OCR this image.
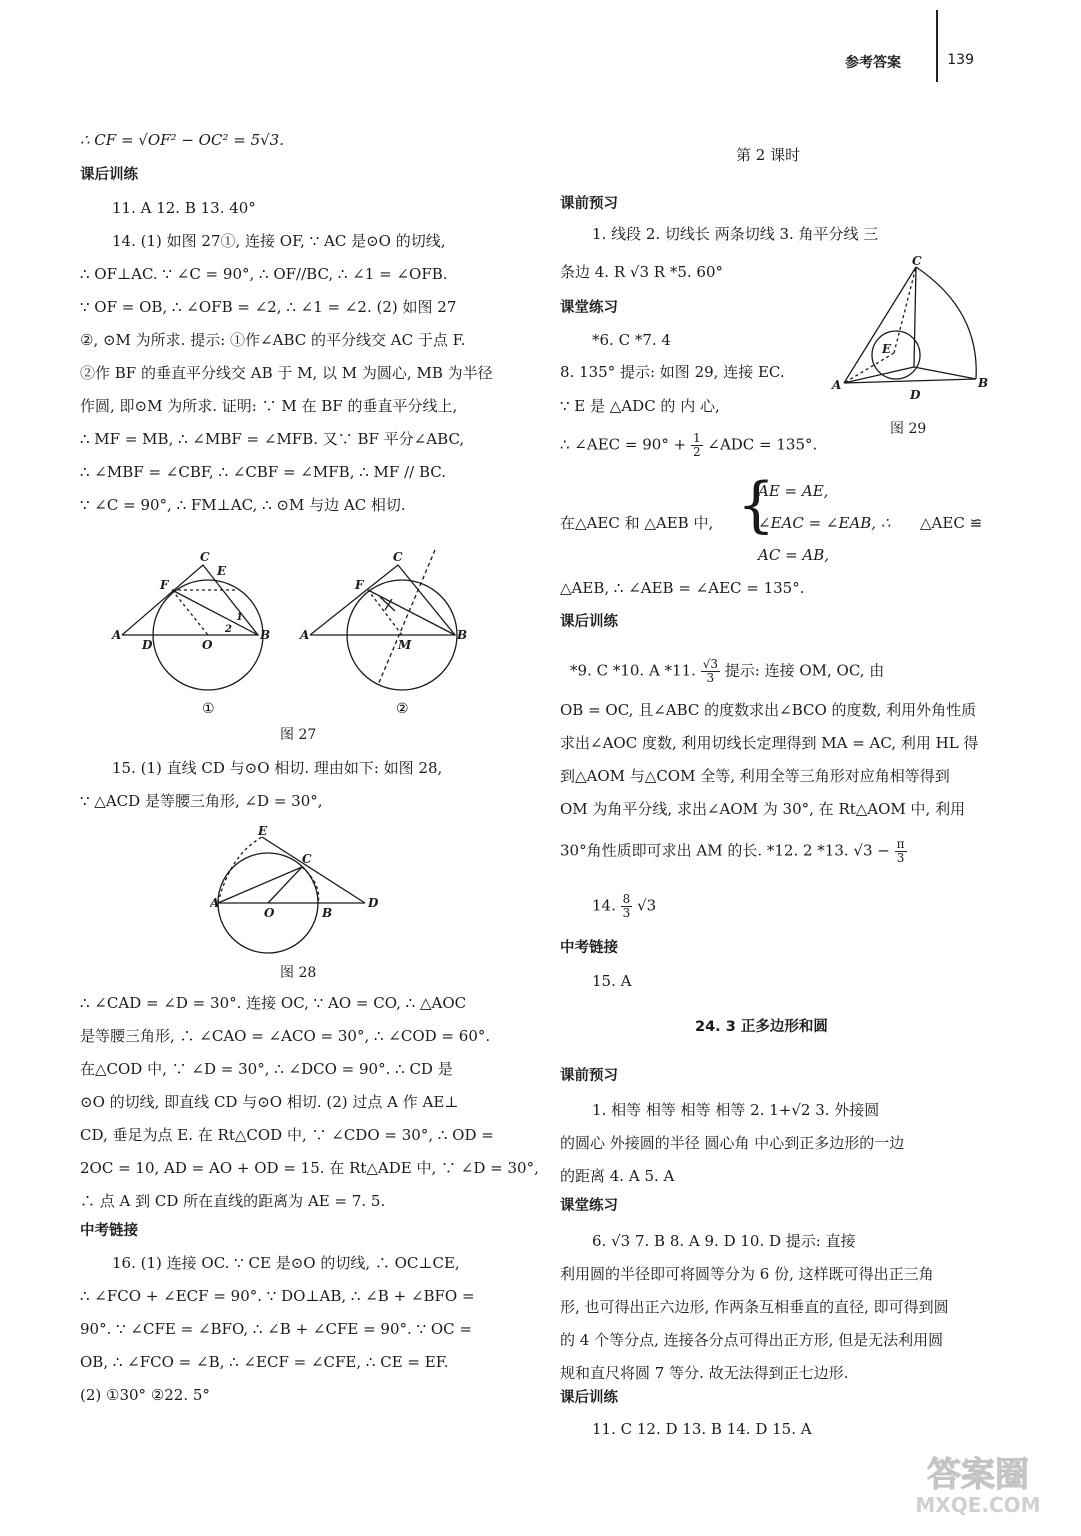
参考答案	139
∴ CF = √OF² − OC² = 5√3.
课后训练
11. A 12. B 13. 40°
14. (1) 如图 27①, 连接 OF, ∵ AC 是⊙O 的切线,
∴ OF⊥AC. ∵ ∠C = 90°, ∴ OF//BC, ∴ ∠1 = ∠OFB.
∵ OF = OB, ∴ ∠OFB = ∠2, ∴ ∠1 = ∠2. (2) 如图 27
②, ⊙M 为所求. 提示: ①作∠ABC 的平分线交 AC 于点 F.
②作 BF 的垂直平分线交 AB 于 M, 以 M 为圆心, MB 为半径
作圆, 即⊙M 为所求. 证明: ∵ M 在 BF 的垂直平分线上,
∴ MF = MB, ∴ ∠MBF = ∠MFB. 又∵ BF 平分∠ABC,
∴ ∠MBF = ∠CBF, ∴ ∠CBF = ∠MFB, ∴ MF // BC.
∵ ∠C = 90°, ∴ FM⊥AC, ∴ ⊙M 与边 AC 相切.
A
C
E
F
D	O
B
1
2	A
C
F
M
B
①	②
图 27
15. (1) 直线 CD 与⊙O 相切. 理由如下: 如图 28,
∵ △ACD 是等腰三角形, ∠D = 30°,
A
O	B
D
C
E
图 28
∴ ∠CAD = ∠D = 30°. 连接 OC, ∵ AO = CO, ∴ △AOC
是等腰三角形, ∴ ∠CAO = ∠ACO = 30°, ∴ ∠COD = 60°.
在△COD 中, ∵ ∠D = 30°, ∴ ∠DCO = 90°. ∴ CD 是
⊙O 的切线, 即直线 CD 与⊙O 相切. (2) 过点 A 作 AE⊥
CD, 垂足为点 E. 在 Rt△COD 中, ∵ ∠CDO = 30°, ∴ OD =
2OC = 10, AD = AO + OD = 15. 在 Rt△ADE 中, ∵ ∠D = 30°,
∴ 点 A 到 CD 所在直线的距离为 AE = 7. 5.
中考链接
16. (1) 连接 OC. ∵ CE 是⊙O 的切线, ∴ OC⊥CE,
∴ ∠FCO + ∠ECF = 90°. ∵ DO⊥AB, ∴ ∠B + ∠BFO =
90°. ∵ ∠CFE = ∠BFO, ∴ ∠B + ∠CFE = 90°. ∵ OC =
OB, ∴ ∠FCO = ∠B, ∴ ∠ECF = ∠CFE, ∴ CE = EF.
(2) ①30° ②22. 5°
第 2 课时
课前预习
1. 线段 2. 切线长 两条切线 3. 角平分线 三
条边 4. R √3 R *5. 60°
课堂练习
*6. C *7. 4
8. 135° 提示: 如图 29, 连接 EC.
∵ E 是 △ADC 的 内 心,
∴ ∠AEC = $90^\circ + \frac{1}{2}$ ∠ADC = 135°.
C
E
A
D
B
图 29
在△AEC 和 △AEB 中, {
AE = AE,
∠EAC = ∠EAB, ∴
AC = AB,
△AEC ≌
△AEB, ∴ ∠AEB = ∠AEC = 135°.
课后训练
*9. C *10. A *11. $\frac{√3}{3}$ 提示: 连接 OM, OC, 由
OB = OC, 且∠ABC 的度数求出∠BCO 的度数, 利用外角性质
求出∠AOC 度数, 利用切线长定理得到 MA = AC, 利用 HL 得
到△AOM 与△COM 全等, 利用全等三角形对应角相等得到
OM 为角平分线, 求出∠AOM 为 30°, 在 Rt△AOM 中, 利用
30°角性质即可求出 AM 的长. *12. 2 *13. $√3 - \frac{\pi}{3}$
14. $\frac{8}{3} √3$
中考链接
15. A
24. 3 正多边形和圆
课前预习
1. 相等 相等 相等 相等 2. 1+√2 3. 外接圆
的圆心 外接圆的半径 圆心角 中心到正多边形的一边
的距离 4. A 5. A
课堂练习
6. √3 7. B 8. A 9. D 10. D 提示: 直接
利用圆的半径即可将圆等分为 6 份, 这样既可得出正三角
形, 也可得出正六边形, 作两条互相垂直的直径, 即可得到圆
的 4 个等分点, 连接各分点可得出正方形, 但是无法利用圆
规和直尺将圆 7 等分. 故无法得到正七边形.
课后训练
11. C 12. D 13. B 14. D 15. A
答案圈
MXQE.COM
